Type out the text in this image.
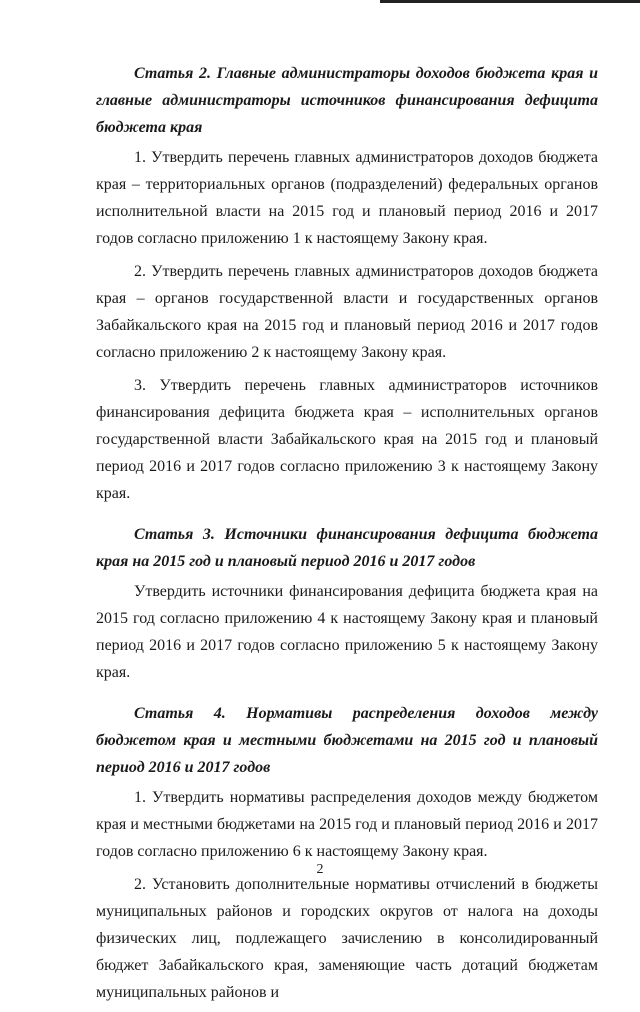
Статья 2. Главные администраторы доходов бюджета края и главные администраторы источников финансирования дефицита бюджета края

1. Утвердить перечень главных администраторов доходов бюджета края – территориальных органов (подразделений) федеральных органов исполнительной власти на 2015 год и плановый период 2016 и 2017 годов согласно приложению 1 к настоящему Закону края.

2. Утвердить перечень главных администраторов доходов бюджета края – органов государственной власти и государственных органов Забайкальского края на 2015 год и плановый период 2016 и 2017 годов согласно приложению 2 к настоящему Закону края.

3. Утвердить перечень главных администраторов источников финансирования дефицита бюджета края – исполнительных органов государственной власти Забайкальского края на 2015 год и плановый период 2016 и 2017 годов согласно приложению 3 к настоящему Закону края.

Статья 3. Источники финансирования дефицита бюджета края на 2015 год и плановый период 2016 и 2017 годов

Утвердить источники финансирования дефицита бюджета края на 2015 год согласно приложению 4 к настоящему Закону края и плановый период 2016 и 2017 годов согласно приложению 5 к настоящему Закону края.

Статья 4. Нормативы распределения доходов между бюджетом края и местными бюджетами на 2015 год и плановый период 2016 и 2017 годов

1. Утвердить нормативы распределения доходов между бюджетом края и местными бюджетами на 2015 год и плановый период 2016 и 2017 годов согласно приложению 6 к настоящему Закону края.

2. Установить дополнительные нормативы отчислений в бюджеты муниципальных районов и городских округов от налога на доходы физических лиц, подлежащего зачислению в консолидированный бюджет Забайкальского края, заменяющие часть дотаций бюджетам муниципальных районов и

2
